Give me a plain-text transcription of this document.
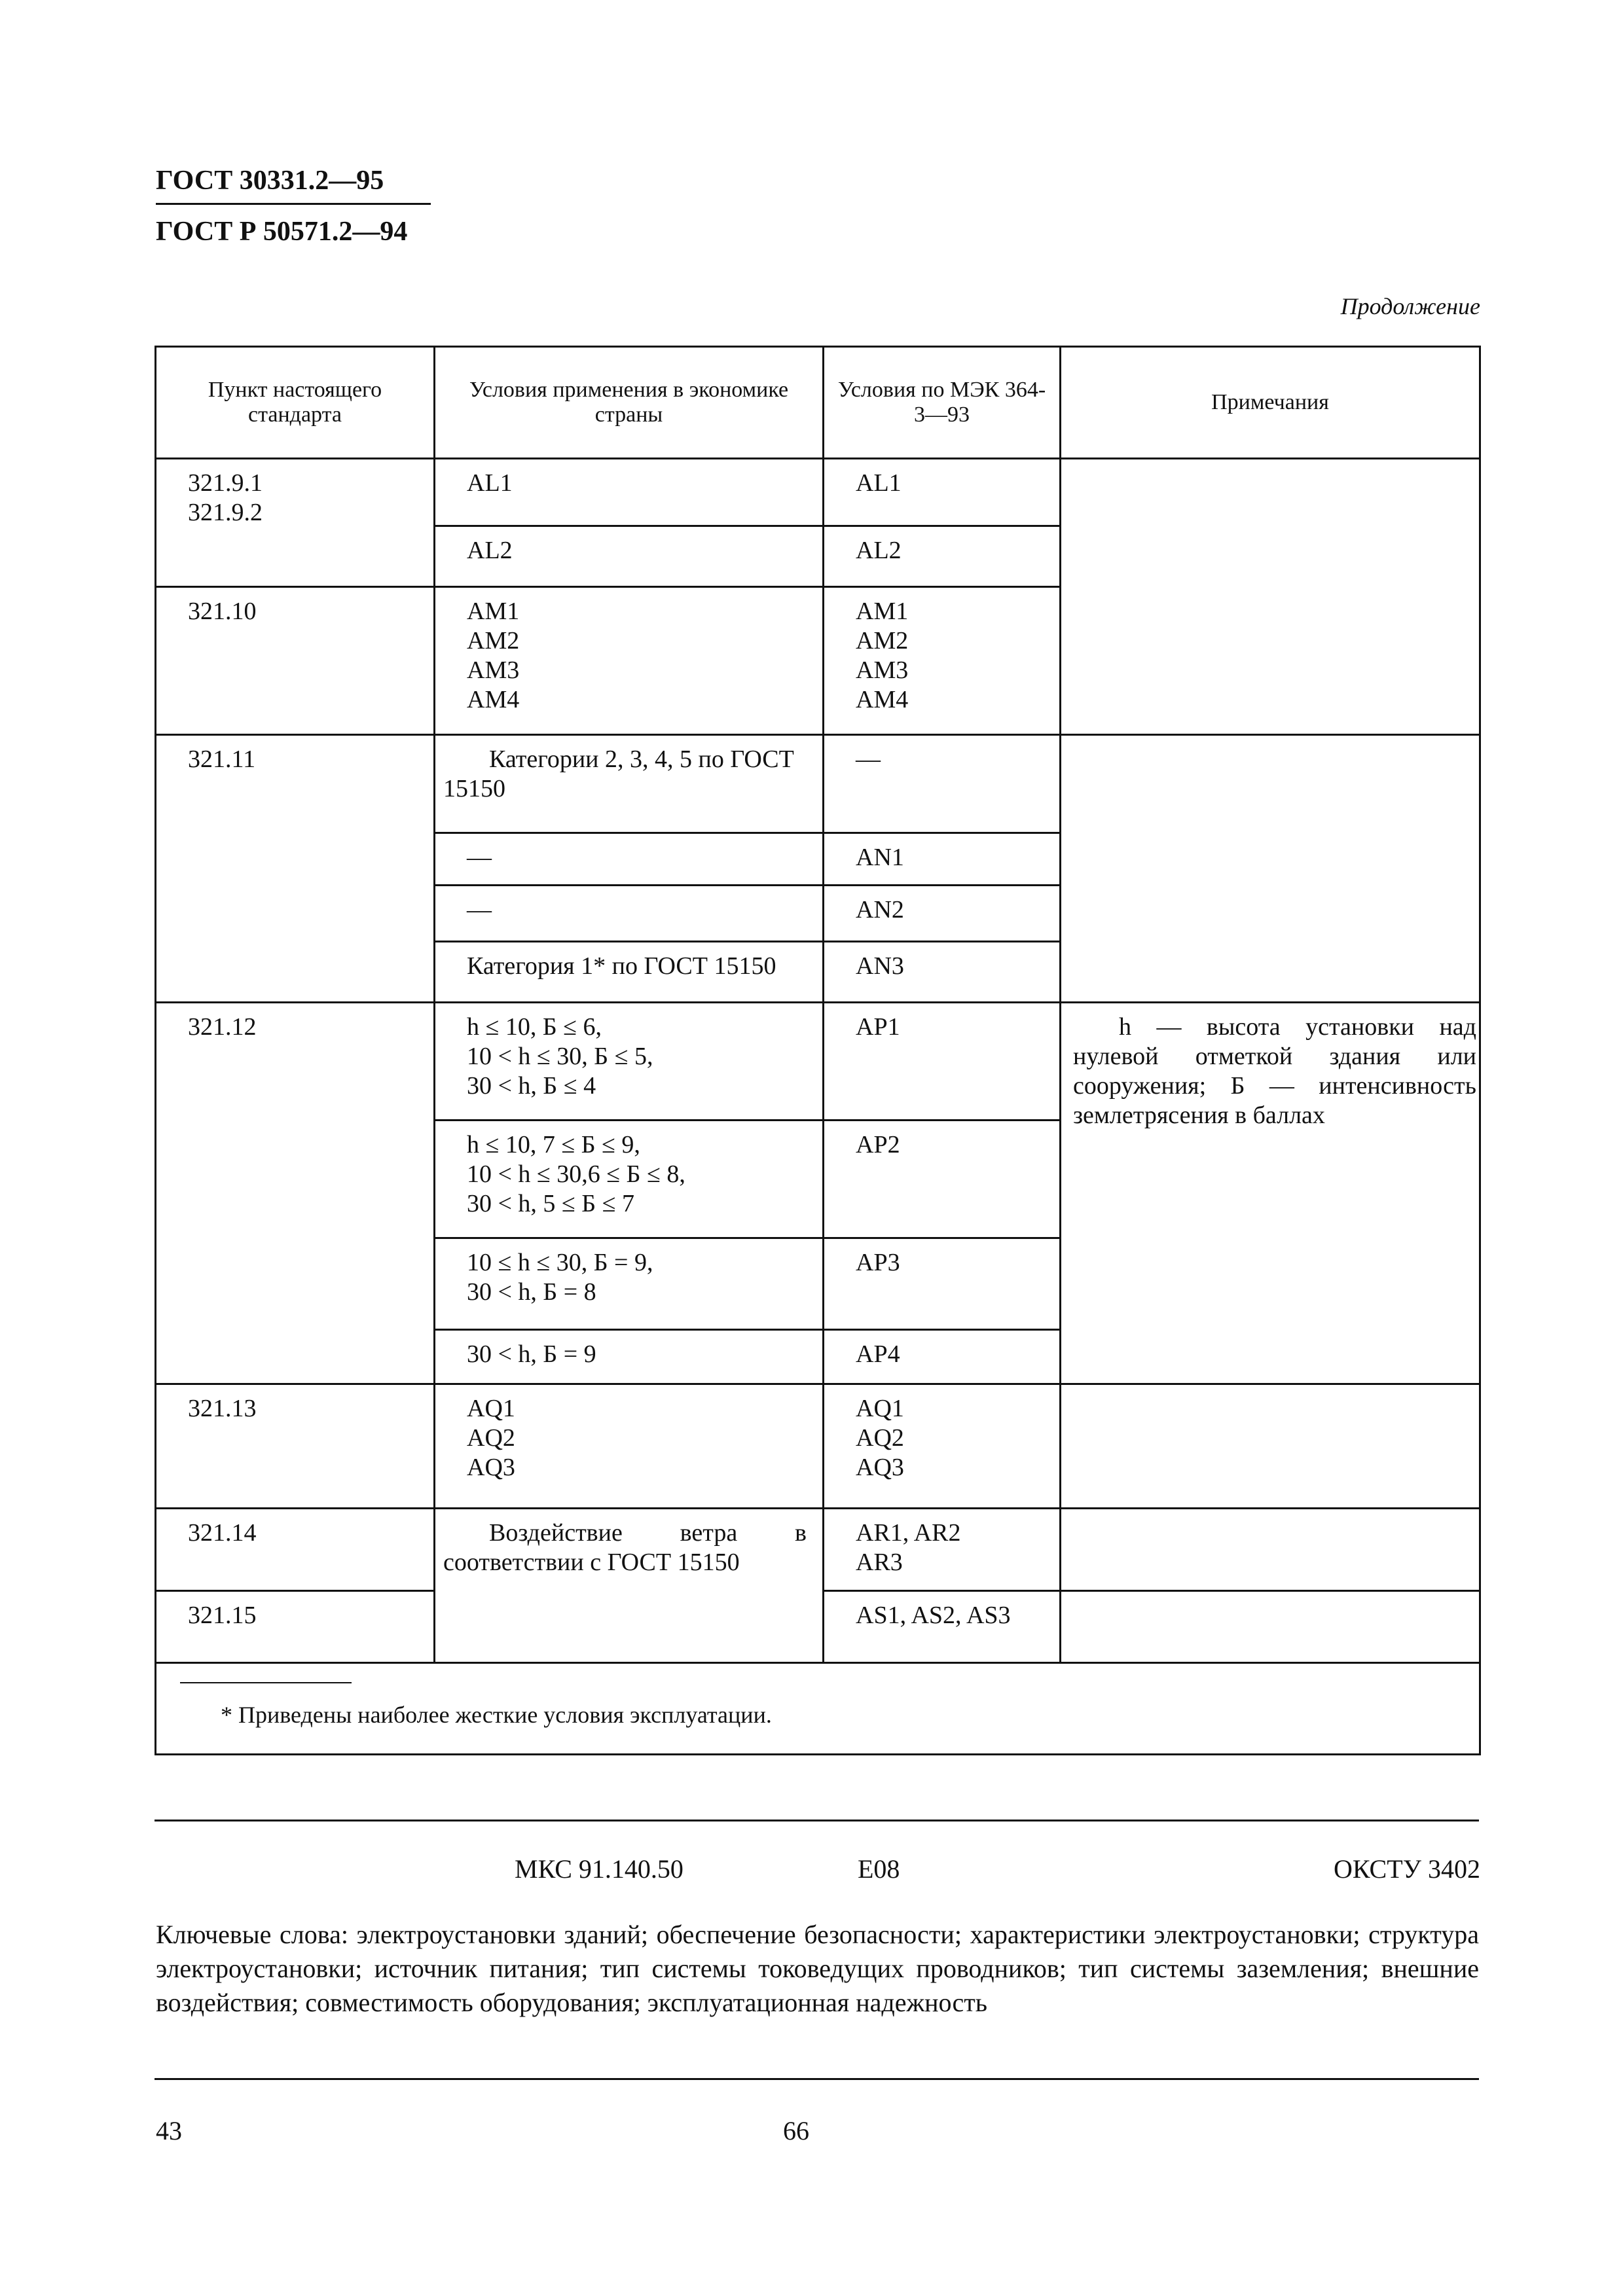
ГОСТ 30331.2—95
ГОСТ Р 50571.2—94
Продолжение
Пункт настоящего стандарта	Условия применения в экономике страны	Условия по МЭК 364-3—93	Примечания

321.9.1
321.9.2	AL1	AL1	

	AL2	AL2	

321.10	AM1
AM2
AM3
AM4	AM1
AM2
AM3
AM4	

321.11	Категории 2, 3, 4, 5 по ГОСТ 15150	—	

	—	AN1	

	—	AN2	

	Категория 1* по ГОСТ 15150	AN3	

321.12	h ≤ 10, Б ≤ 6,
10 < h ≤ 30, Б ≤ 5,
30 < h, Б ≤ 4	AP1	h — высота установки над нулевой отметкой здания или сооружения; Б — интенсивность землетрясения в баллах

	h ≤ 10, 7 ≤ Б ≤ 9,
10 < h ≤ 30,6 ≤ Б ≤ 8,
30 < h, 5 ≤ Б ≤ 7	AP2	

	10 ≤ h ≤ 30, Б = 9,
30 < h, Б = 8	AP3	

	30 < h, Б = 9	AP4	

321.13	AQ1
AQ2
AQ3	AQ1
AQ2
AQ3	

321.14	Воздействие ветра в соответствии с ГОСТ 15150	AR1, AR2
AR3	

321.15		AS1, AS2, AS3	

* Приведены наиболее жесткие условия эксплуатации.			
МКС 91.140.50	Е08	ОКСТУ 3402
Ключевые слова: электроустановки зданий; обеспечение безопасности; характеристики электроустановки; структура электроустановки; источник питания; тип системы токоведущих проводников; тип системы заземления; внешние воздействия; совместимость оборудования; эксплуатационная надежность
43	66
